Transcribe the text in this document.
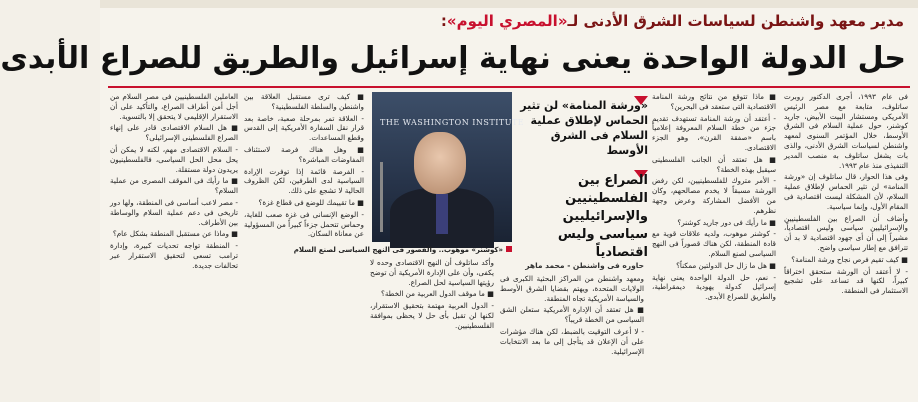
مدير معهد واشنطن لسياسات الشرق الأدنى لـ«المصري اليوم»:
حل الدولة الواحدة يعنى نهاية إسرائيل والطريق للصراع الأبدى

فى عام ١٩٩٣، أجرى الدكتور روبرت ساتلوف، متابعة مع مصر الرئيس الأمريكى ومستشار البيت الأبيض، جاريد كوشنر، حول عملية السلام فى الشرق الأوسط، خلال المؤتمر السنوى لمعهد واشنطن لسياسات الشرق الأدنى، والذى بات يشغل ساتلوف به منصب المدير التنفيذى منذ عام ١٩٩٣.

وفى هذا الحوار، قال ساتلوف إن «ورشة المنامة» لن تثير الحماس لإطلاق عملية السلام، لأن المشكلة ليست اقتصادية فى المقام الأول، وإنما سياسية.

وأضاف أن الصراع بين الفلسطينيين والإسرائيليين سياسى وليس اقتصادياً، مشيراً إلى أن أى جهود اقتصادية لا بد أن تترافق مع إطار سياسى واضح.

■ كيف تقيم فرص نجاح ورشة المنامة؟

- لا أعتقد أن الورشة ستحقق اختراقاً كبيراً، لكنها قد تساعد على تشجيع الاستثمار فى المنطقة.

■ ماذا تتوقع من نتائج ورشة المنامة الاقتصادية التى ستعقد فى البحرين؟

- أعتقد أن ورشة المنامة تستهدف تقديم جزء من خطة السلام المعروفة إعلامياً باسم «صفقة القرن»، وهو الجزء الاقتصادى.

■ هل تعتقد أن الجانب الفلسطينى سيقبل بهذه الخطة؟

- الأمر متروك للفلسطينيين، لكن رفض الورشة مسبقاً لا يخدم مصالحهم، وكان من الأفضل المشاركة وعرض وجهة نظرهم.

■ ما رأيك فى دور جاريد كوشنر؟

- كوشنر موهوب، ولديه علاقات قوية مع قادة المنطقة، لكن هناك قصوراً فى النهج السياسى لصنع السلام.

■ هل ما زال حل الدولتين ممكناً؟

- نعم، حل الدولة الواحدة يعنى نهاية إسرائيل كدولة يهودية ديمقراطية، والطريق للصراع الأبدى.

THE WASHINGTON INSTITUTE
«كوشنر» موهوب.. والقصور فى النهج السياسى لصنع السلام
«ورشة المنامة» لن تثير الحماس لإطلاق عملية السلام فى الشرق الأوسط
الصراع بين الفلسطينيين والإسرائيليين سياسى وليس اقتصادياً
حاوره فى واشنطن - محمد ماهر

ومعهد واشنطن من المراكز البحثية الكبرى فى الولايات المتحدة، ويهتم بقضايا الشرق الأوسط والسياسة الأمريكية تجاه المنطقة.

■ هل تعتقد أن الإدارة الأمريكية ستعلن الشق السياسى من الخطة قريباً؟

- لا أعرف التوقيت بالضبط، لكن هناك مؤشرات على أن الإعلان قد يتأجل إلى ما بعد الانتخابات الإسرائيلية.

وأكد ساتلوف أن النهج الاقتصادى وحده لا يكفى، وأن على الإدارة الأمريكية أن توضح رؤيتها السياسية لحل الصراع.

■ ما موقف الدول العربية من الخطة؟

- الدول العربية مهتمة بتحقيق الاستقرار، لكنها لن تقبل بأى حل لا يحظى بموافقة الفلسطينيين.

■ كيف ترى مستقبل العلاقة بين واشنطن والسلطة الفلسطينية؟

- العلاقة تمر بمرحلة صعبة، خاصة بعد قرار نقل السفارة الأمريكية إلى القدس وقطع المساعدات.

■ وهل هناك فرصة لاستئناف المفاوضات المباشرة؟

- الفرصة قائمة إذا توفرت الإرادة السياسية لدى الطرفين، لكن الظروف الحالية لا تشجع على ذلك.

■ ما تقييمك للوضع فى قطاع غزة؟

- الوضع الإنسانى فى غزة صعب للغاية، وحماس تتحمل جزءاً كبيراً من المسؤولية عن معاناة السكان.

العاملين الفلسطينيين فى مصر السلام من أجل أمن أطراف الصراع، والتأكيد على أن الاستقرار الإقليمى لا يتحقق إلا بالتسوية.

■ هل السلام الاقتصادى قادر على إنهاء الصراع الفلسطينى الإسرائيلى؟

- السلام الاقتصادى مهم، لكنه لا يمكن أن يحل محل الحل السياسى، فالفلسطينيون يريدون دولة مستقلة.

■ ما رأيك فى الموقف المصرى من عملية السلام؟

- مصر لاعب أساسى فى المنطقة، ولها دور تاريخى فى دعم عملية السلام والوساطة بين الأطراف.

■ وماذا عن مستقبل المنطقة بشكل عام؟

- المنطقة تواجه تحديات كبيرة، وإدارة ترامب تسعى لتحقيق الاستقرار عبر تحالفات جديدة.
